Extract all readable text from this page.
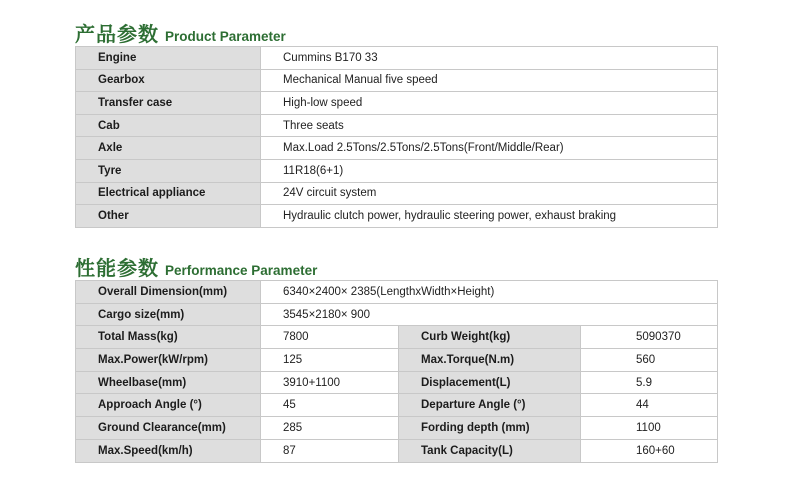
产品参数 Product Parameter
Engine	Cummins B170 33
Gearbox	Mechanical Manual five speed
Transfer case	High-low speed
Cab	Three seats
Axle	Max.Load 2.5Tons/2.5Tons/2.5Tons(Front/Middle/Rear)
Tyre	11R18(6+1)
Electrical appliance	24V circuit system
Other	Hydraulic clutch power, hydraulic steering power, exhaust braking
性能参数 Performance Parameter
Overall Dimension(mm)	6340×2400× 2385(LengthxWidth×Height)		
Cargo size(mm)	3545×2180× 900		
Total Mass(kg)	7800	Curb Weight(kg)	5090370
Max.Power(kW/rpm)	125	Max.Torque(N.m)	560
Wheelbase(mm)	3910+1100	Displacement(L)	5.9
Approach Angle (°)	45	Departure Angle (°)	44
Ground Clearance(mm)	285	Fording depth (mm)	1100
Max.Speed(km/h)	87	Tank Capacity(L)	160+60
